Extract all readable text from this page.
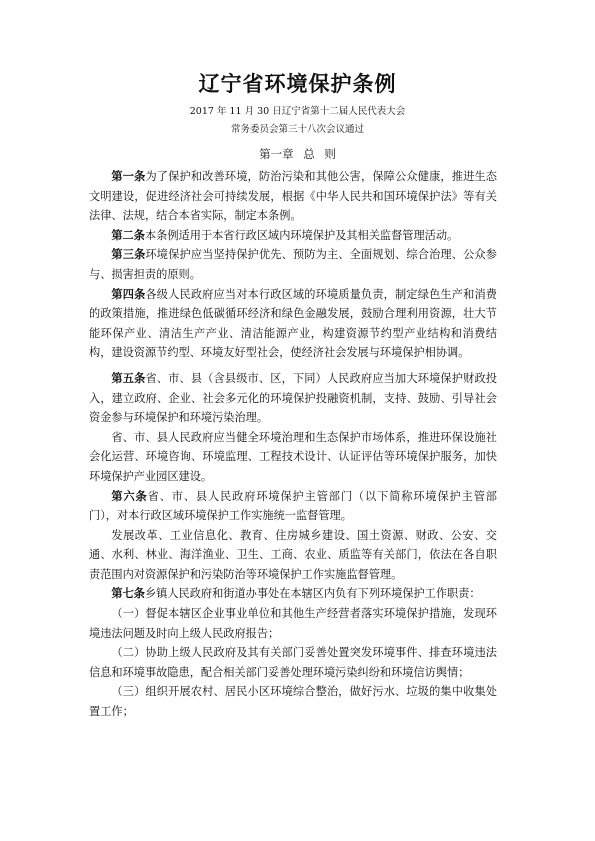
辽宁省环境保护条例
2017 年 11 月 30 日辽宁省第十二届人民代表大会
常务委员会第三十八次会议通过
第一章 总 则

第一条为了保护和改善环境，防治污染和其他公害，保障公众健康，推进生态文明建设，促进经济社会可持续发展，根据《中华人民共和国环境保护法》等有关法律、法规，结合本省实际，制定本条例。

第二条本条例适用于本省行政区域内环境保护及其相关监督管理活动。

第三条环境保护应当坚持保护优先、预防为主、全面规划、综合治理、公众参与、损害担责的原则。

第四条各级人民政府应当对本行政区域的环境质量负责，制定绿色生产和消费的政策措施，推进绿色低碳循环经济和绿色金融发展，鼓励合理利用资源，壮大节能环保产业、清洁生产产业、清洁能源产业，构建资源节约型产业结构和消费结构，建设资源节约型、环境友好型社会，使经济社会发展与环境保护相协调。

第五条省、市、县（含县级市、区，下同）人民政府应当加大环境保护财政投入，建立政府、企业、社会多元化的环境保护投融资机制，支持、鼓励、引导社会资金参与环境保护和环境污染治理。

省、市、县人民政府应当健全环境治理和生态保护市场体系，推进环保设施社会化运营、环境咨询、环境监理、工程技术设计、认证评估等环境保护服务，加快环境保护产业园区建设。

第六条省、市、县人民政府环境保护主管部门（以下简称环境保护主管部门），对本行政区域环境保护工作实施统一监督管理。

发展改革、工业信息化、教育、住房城乡建设、国土资源、财政、公安、交通、水利、林业、海洋渔业、卫生、工商、农业、质监等有关部门，依法在各自职责范围内对资源保护和污染防治等环境保护工作实施监督管理。

第七条乡镇人民政府和街道办事处在本辖区内负有下列环境保护工作职责：

（一）督促本辖区企业事业单位和其他生产经营者落实环境保护措施，发现环境违法问题及时向上级人民政府报告；

（二）协助上级人民政府及其有关部门妥善处置突发环境事件、排查环境违法信息和环境事故隐患，配合相关部门妥善处理环境污染纠纷和环境信访舆情；

（三）组织开展农村、居民小区环境综合整治，做好污水、垃圾的集中收集处置工作；
